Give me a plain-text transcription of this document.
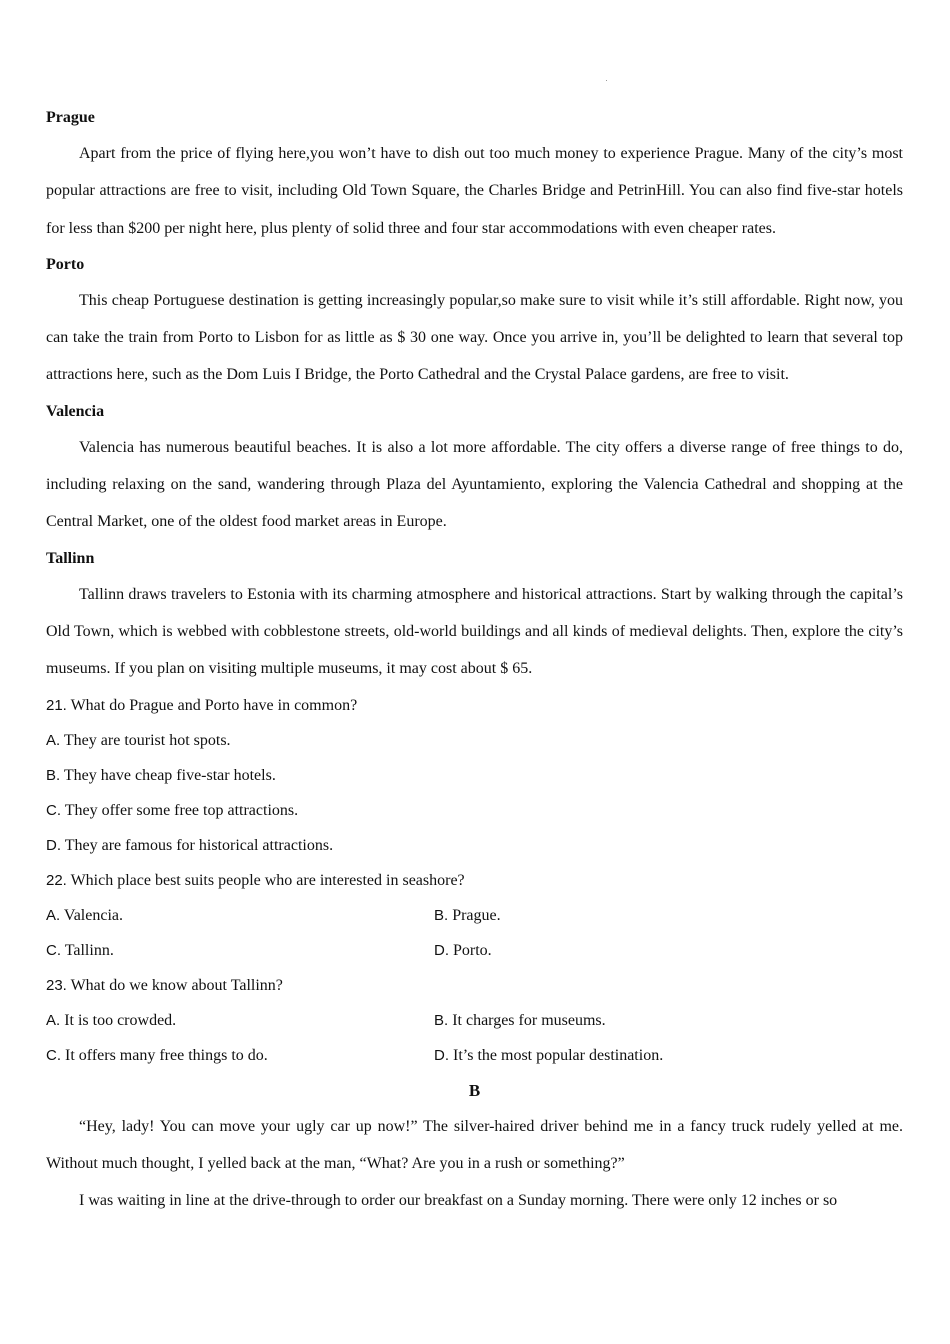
Prague
Apart from the price of flying here,you won’t have to dish out too much money to experience Prague. Many of the city’s most popular attractions are free to visit, including Old Town Square, the Charles Bridge and PetrinHill. You can also find five-star hotels for less than $200 per night here, plus plenty of solid three and four star accommodations with even cheaper rates.
Porto
This cheap Portuguese destination is getting increasingly popular,so make sure to visit while it’s still affordable. Right now, you can take the train from Porto to Lisbon for as little as $ 30 one way. Once you arrive in, you’ll be delighted to learn that several top attractions here, such as the Dom Luis I Bridge, the Porto Cathedral and the Crystal Palace gardens, are free to visit.
Valencia
Valencia has numerous beautiful beaches. It is also a lot more affordable. The city offers a diverse range of free things to do, including relaxing on the sand, wandering through Plaza del Ayuntamiento, exploring the Valencia Cathedral and shopping at the Central Market, one of the oldest food market areas in Europe.
Tallinn
Tallinn draws travelers to Estonia with its charming atmosphere and historical attractions. Start by walking through the capital’s Old Town, which is webbed with cobblestone streets, old-world buildings and all kinds of medieval delights. Then, explore the city’s museums. If you plan on visiting multiple museums, it may cost about $ 65.
21. What do Prague and Porto have in common?
A. They are tourist hot spots.
B. They have cheap five-star hotels.
C. They offer some free top attractions.
D. They are famous for historical attractions.
22. Which place best suits people who are interested in seashore?
A. Valencia.	B. Prague.
C. Tallinn.	D. Porto.
23. What do we know about Tallinn?
A. It is too crowded.	B. It charges for museums.
C. It offers many free things to do.	D. It’s the most popular destination.
B
“Hey, lady! You can move your ugly car up now!” The silver-haired driver behind me in a fancy truck rudely yelled at me. Without much thought, I yelled back at the man, “What? Are you in a rush or something?”
I was waiting in line at the drive-through to order our breakfast on a Sunday morning. There were only 12 inches or so
